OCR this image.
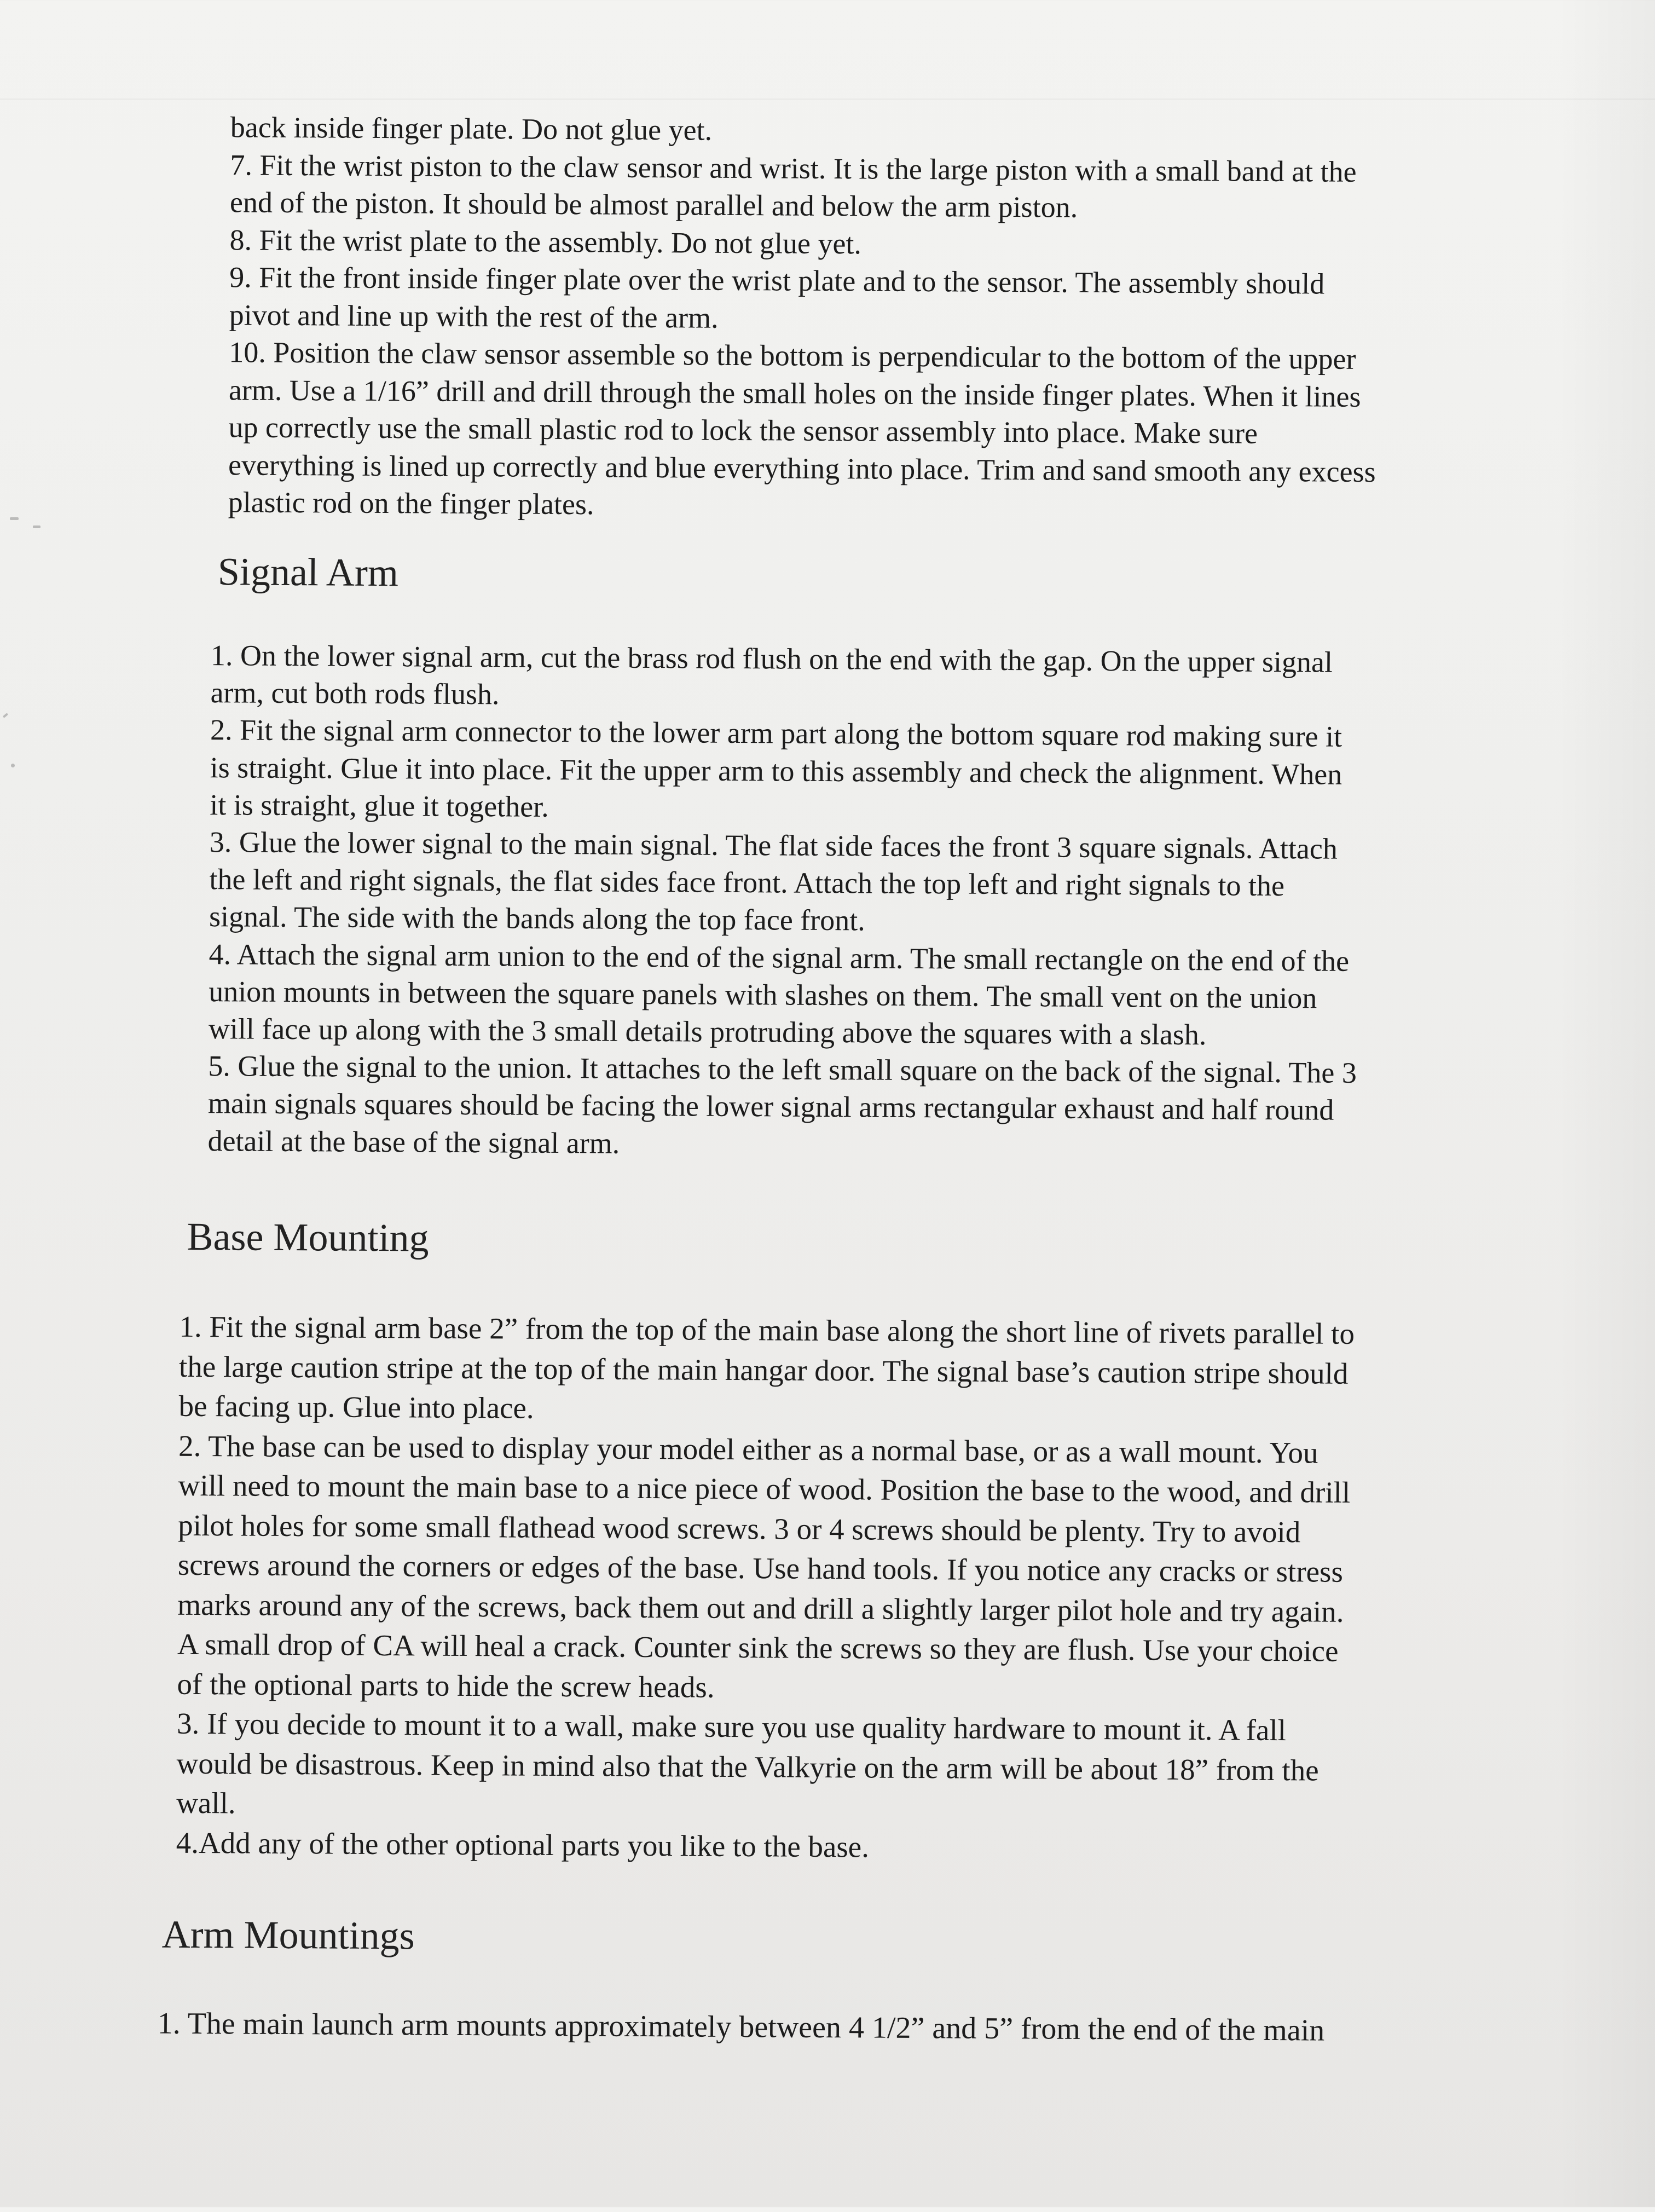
back inside finger plate. Do not glue yet.
7. Fit the wrist piston to the claw sensor and wrist. It is the large piston with a small band at the
end of the piston. It should be almost parallel and below the arm piston.
8. Fit the wrist plate to the assembly. Do not glue yet.
9. Fit the front inside finger plate over the wrist plate and to the sensor. The assembly should
pivot and line up with the rest of the arm.
10. Position the claw sensor assemble so the bottom is perpendicular to the bottom of the upper
arm. Use a 1/16” drill and drill through the small holes on the inside finger plates. When it lines
up correctly use the small plastic rod to lock the sensor assembly into place. Make sure
everything is lined up correctly and blue everything into place. Trim and sand smooth any excess
plastic rod on the finger plates.
Signal Arm
1. On the lower signal arm, cut the brass rod flush on the end with the gap. On the upper signal
arm, cut both rods flush.
2. Fit the signal arm connector to the lower arm part along the bottom square rod making sure it
is straight. Glue it into place. Fit the upper arm to this assembly and check the alignment. When
it is straight, glue it together.
3. Glue the lower signal to the main signal. The flat side faces the front 3 square signals. Attach
the left and right signals, the flat sides face front. Attach the top left and right signals to the
signal. The side with the bands along the top face front.
4. Attach the signal arm union to the end of the signal arm. The small rectangle on the end of the
union mounts in between the square panels with slashes on them. The small vent on the union
will face up along with the 3 small details protruding above the squares with a slash.
5. Glue the signal to the union. It attaches to the left small square on the back of the signal. The 3
main signals squares should be facing the lower signal arms rectangular exhaust and half round
detail at the base of the signal arm.
Base Mounting
1. Fit the signal arm base 2” from the top of the main base along the short line of rivets parallel to
the large caution stripe at the top of the main hangar door. The signal base’s caution stripe should
be facing up. Glue into place.
2. The base can be used to display your model either as a normal base, or as a wall mount. You
will need to mount the main base to a nice piece of wood. Position the base to the wood, and drill
pilot holes for some small flathead wood screws. 3 or 4 screws should be plenty. Try to avoid
screws around the corners or edges of the base. Use hand tools. If you notice any cracks or stress
marks around any of the screws, back them out and drill a slightly larger pilot hole and try again.
A small drop of CA will heal a crack. Counter sink the screws so they are flush. Use your choice
of the optional parts to hide the screw heads.
3. If you decide to mount it to a wall, make sure you use quality hardware to mount it. A fall
would be disastrous. Keep in mind also that the Valkyrie on the arm will be about 18” from the
wall.
4.Add any of the other optional parts you like to the base.
Arm Mountings
1. The main launch arm mounts approximately between 4 1/2” and 5” from the end of the main
